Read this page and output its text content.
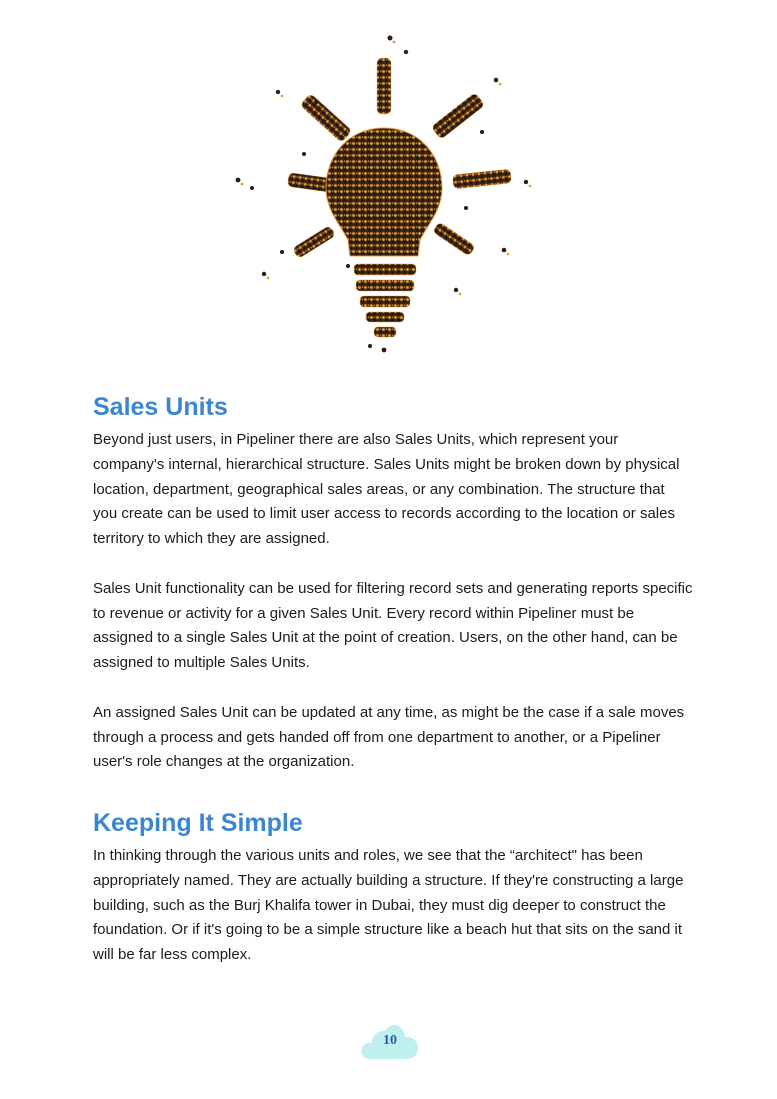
Sales Units

Beyond just users, in Pipeliner there are also Sales Units, which represent your company's internal, hierarchical structure. Sales Units might be broken down by physical location, department, geographical sales areas, or any combination. The structure that you create can be used to limit user access to records according to the location or sales territory to which they are assigned.

Sales Unit functionality can be used for filtering record sets and generating reports specific to revenue or activity for a given Sales Unit. Every record within Pipeliner must be assigned to a single Sales Unit at the point of creation. Users, on the other hand, can be assigned to multiple Sales Units.

An assigned Sales Unit can be updated at any time, as might be the case if a sale moves through a process and gets handed off from one department to another, or a Pipeliner user's role changes at the organization.

Keeping It Simple

In thinking through the various units and roles, we see that the “architect" has been appropriately named. They are actually building a structure. If they're constructing a large building, such as the Burj Khalifa tower in Dubai, they must dig deeper to construct the foundation. Or if it's going to be a simple structure like a beach hut that sits on the sand it will be far less complex.

10
